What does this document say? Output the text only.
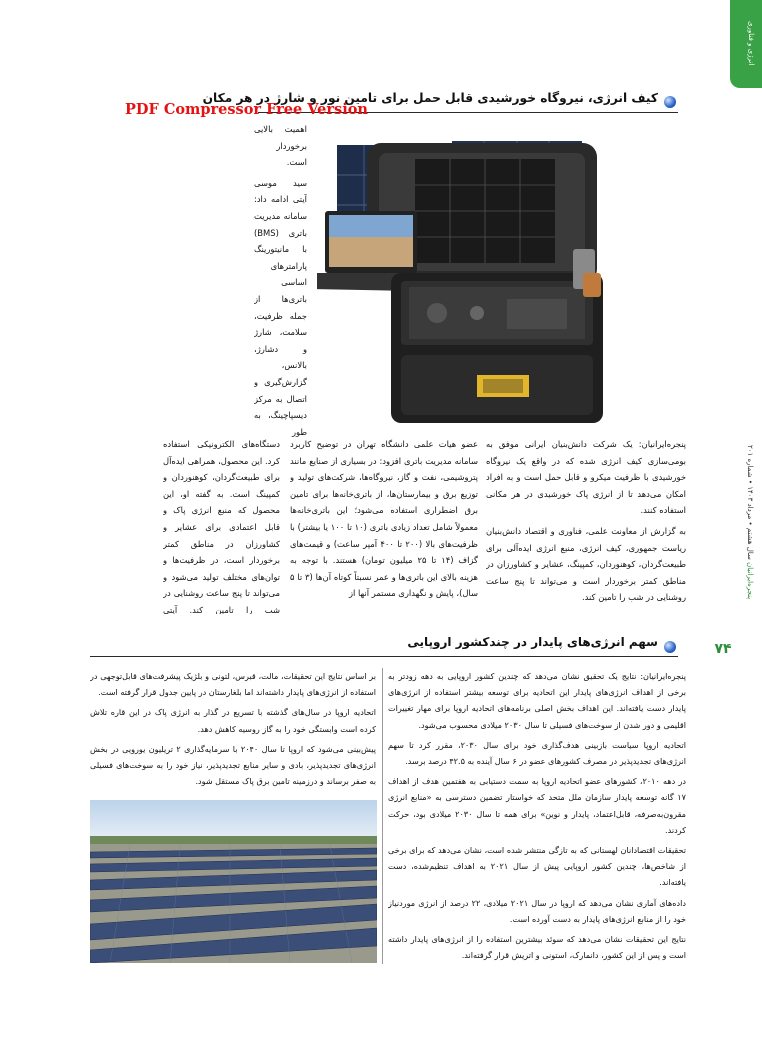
انرژی و فناوری
کیف انرژی، نیروگاه خورشیدی قابل حمل برای تامین نور و شارژ در هر مکان
PDF Compressor Free Version
اهمیت بالایی برخوردار است.
سید موسی آیتی ادامه داد: سامانه مدیریت باتری (BMS) با مانیتورینگ پارامترهای اساسی باتری‌ها از جمله ظرفیت، سلامت، شارژ و دشارژ، بالانس، گزارش‌گیری و اتصال به مرکز دیسپاچینگ، به طور
دستگاه‌های الکترونیکی استفاده کرد. این محصول، همراهی ایده‌آل برای طبیعت‌گردان، کوهنوردان و کمپینگ است. به گفته او، این محصول که منبع انرژی پاک و قابل اعتمادی برای عشایر و کشاورزان در مناطق کمتر برخوردار است، در ظرفیت‌ها و توان‌های مختلف تولید می‌شود و می‌تواند تا پنج ساعت روشنایی در شب را تامین کند. آیتی
عضو هیات علمی دانشگاه تهران در توضیح کاربرد سامانه مدیریت باتری افزود: در بسیاری از صنایع مانند پتروشیمی، نفت و گاز، نیروگاه‌ها، شرکت‌های تولید و توزیع برق و بیمارستان‌ها، از باتری‌خانه‌ها برای تامین برق اضطراری استفاده می‌شود؛ این باتری‌خانه‌ها معمولاً شامل تعداد زیادی باتری (۱۰ تا ۱۰۰ یا بیشتر) با ظرفیت‌های بالا (۲۰۰ تا ۴۰۰ آمپر ساعت) و قیمت‌های گزاف (۱۴ تا ۲۵ میلیون تومان) هستند. با توجه به هزینه بالای این باتری‌ها و عمر نسبتاً کوتاه آن‌ها (۳ تا ۵ سال)، پایش و نگهداری مستمر آنها از
پنجره‌ایرانیان: یک شرکت دانش‌بنیان ایرانی موفق به بومی‌سازی کیف انرژی شده که در واقع یک نیروگاه خورشیدی با ظرفیت میکرو و قابل حمل است و به افراد امکان می‌دهد تا از انرژی پاک خورشیدی در هر مکانی استفاده کنند.
به گزارش از معاونت علمی، فناوری و اقتصاد دانش‌بنیان ریاست جمهوری، کیف انرژی، منبع انرژی ایده‌آلی برای طبیعت‌گردان، کوهنوردان، کمپینگ، عشایر و کشاورزان در مناطق کمتر برخوردار است و می‌تواند تا پنج ساعت روشنایی در شب را تامین کند.	پنجره‌ایرانیان سال هشتم • مرداد ۱۴۰۳ • شماره ۲۰۱
۷۴
سهم انرژی‌های پایدار در چندکشور اروپایی
پنجره‌ایرانیان: نتایج یک تحقیق نشان می‌دهد که چندین کشور اروپایی به دهه زودتر به برخی از اهداف انرژی‌های پایدار این اتحادیه برای توسعه بیشتر استفاده از انرژی‌های پایدار دست یافته‌اند. این اهداف بخش اصلی برنامه‌های اتحادیه اروپا برای مهار تغییرات اقلیمی و دور شدن از سوخت‌های فسیلی تا سال ۲۰۳۰ میلادی محسوب می‌شود.
اتحادیه اروپا سیاست بازبینی هدف‌گذاری خود برای سال ۲۰۳۰، مقرر کرد تا سهم انرژی‌های تجدیدپذیر در مصرف کشورهای عضو در ۶ سال آینده به ۴۲.۵ درصد برسد.
در دهه ۲۰۱۰، کشورهای عضو اتحادیه اروپا به سمت دستیابی به هفتمین هدف از اهداف ۱۷ گانه توسعه پایدار سازمان ملل متحد که خواستار تضمین دسترسی به «منابع انرژی مقرون‌به‌صرفه، قابل‌اعتماد، پایدار و نوین» برای همه تا سال ۲۰۳۰ میلادی بود، حرکت کردند.
تحقیقات اقتصادانان لهستانی که به تازگی منتشر شده است، نشان می‌دهد که برای برخی از شاخص‌ها، چندین کشور اروپایی پیش از سال ۲۰۲۱ به اهداف تنظیم‌شده، دست یافته‌اند.
داده‌های آماری نشان می‌دهد که اروپا در سال ۲۰۲۱ میلادی، ۲۲ درصد از انرژی موردنیاز خود را از منابع انرژی‌های پایدار به دست آورده است.
نتایج این تحقیقات نشان می‌دهد که سوئد بیشترین استفاده را از انرژی‌های پایدار داشته است و پس از این کشور، دانمارک، استونی و اتریش قرار گرفته‌اند.
بر اساس نتایج این تحقیقات، مالت، قبرس، لتونی و بلژیک پیشرفت‌های قابل‌توجهی در استفاده از انرژی‌های پایدار داشته‌اند اما بلغارستان در پایین جدول قرار گرفته است.
اتحادیه اروپا در سال‌های گذشته با تسریع در گذار به انرژی پاک در این قاره تلاش کرده است وابستگی خود را به گاز روسیه کاهش دهد.
پیش‌بینی می‌شود که اروپا تا سال ۲۰۴۰ با سرمایه‌گذاری ۲ تریلیون یورویی در بخش انرژی‌های تجدیدپذیر، بادی و سایر منابع تجدیدپذیر، نیاز خود را به سوخت‌های فسیلی به صفر برساند و درزمینه تامین برق پاک مستقل شود.
